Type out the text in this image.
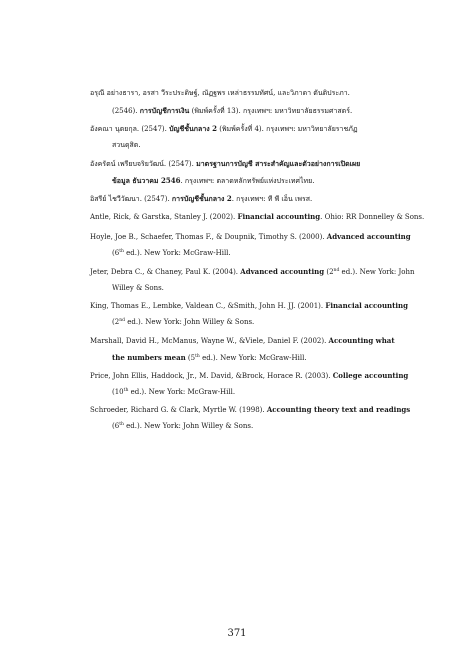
อรุณี อย่างธารา, อรสา วีระประดิษฐ์, ณัฏฐพร เหล่าธรรมทัศน์, และวิภาดา ตันติประภา.
(2546). การบัญชีการเงิน (พิมพ์ครั้งที่ 13). กรุงเทพฯ: มหาวิทยาลัยธรรมศาสตร์.
อังคณา นุตยกุล. (2547). บัญชีชั้นกลาง 2 (พิมพ์ครั้งที่ 4). กรุงเทพฯ: มหาวิทยาลัยราชภัฏ
สวนดุสิต.
อังครัตน์ เพรียบจริยวัฒน์. (2547). มาตรฐานการบัญชี สาระสำคัญและตัวอย่างการเปิดเผย
ข้อมูล ธันวาคม 2546. กรุงเทพฯ: ตลาดหลักทรัพย์แห่งประเทศไทย.
อิสรีย์ ไชวีวัฒนา. (2547). การบัญชีชั้นกลาง 2. กรุงเทพฯ: ที พี เอ็น เพรส.
Antle, Rick, & Garstka, Stanley J. (2002). Financial accounting. Ohio: RR Donnelley & Sons.
Hoyle, Joe B., Schaefer, Thomas F., & Doupnik, Timothy S. (2000). Advanced accounting
(6th ed.). New York: McGraw-Hill.
Jeter, Debra C., & Chaney, Paul K. (2004). Advanced accounting (2nd ed.). New York: John
Willey & Sons.
King, Thomas E., Lembke, Valdean C., &Smith, John H. JJ. (2001). Financial accounting
(2nd ed.). New York: John Willey & Sons.
Marshall, David H., McManus, Wayne W., &Viele, Daniel F. (2002). Accounting what
the numbers mean (5th ed.). New York: McGraw-Hill.
Price, John Ellis, Haddock, Jr., M. David, &Brock, Horace R. (2003). College accounting
(10th ed.). New York: McGraw-Hill.
Schroeder, Richard G. & Clark, Myrtle W. (1998). Accounting theory text and readings
(6th ed.). New York: John Willey & Sons.
371
